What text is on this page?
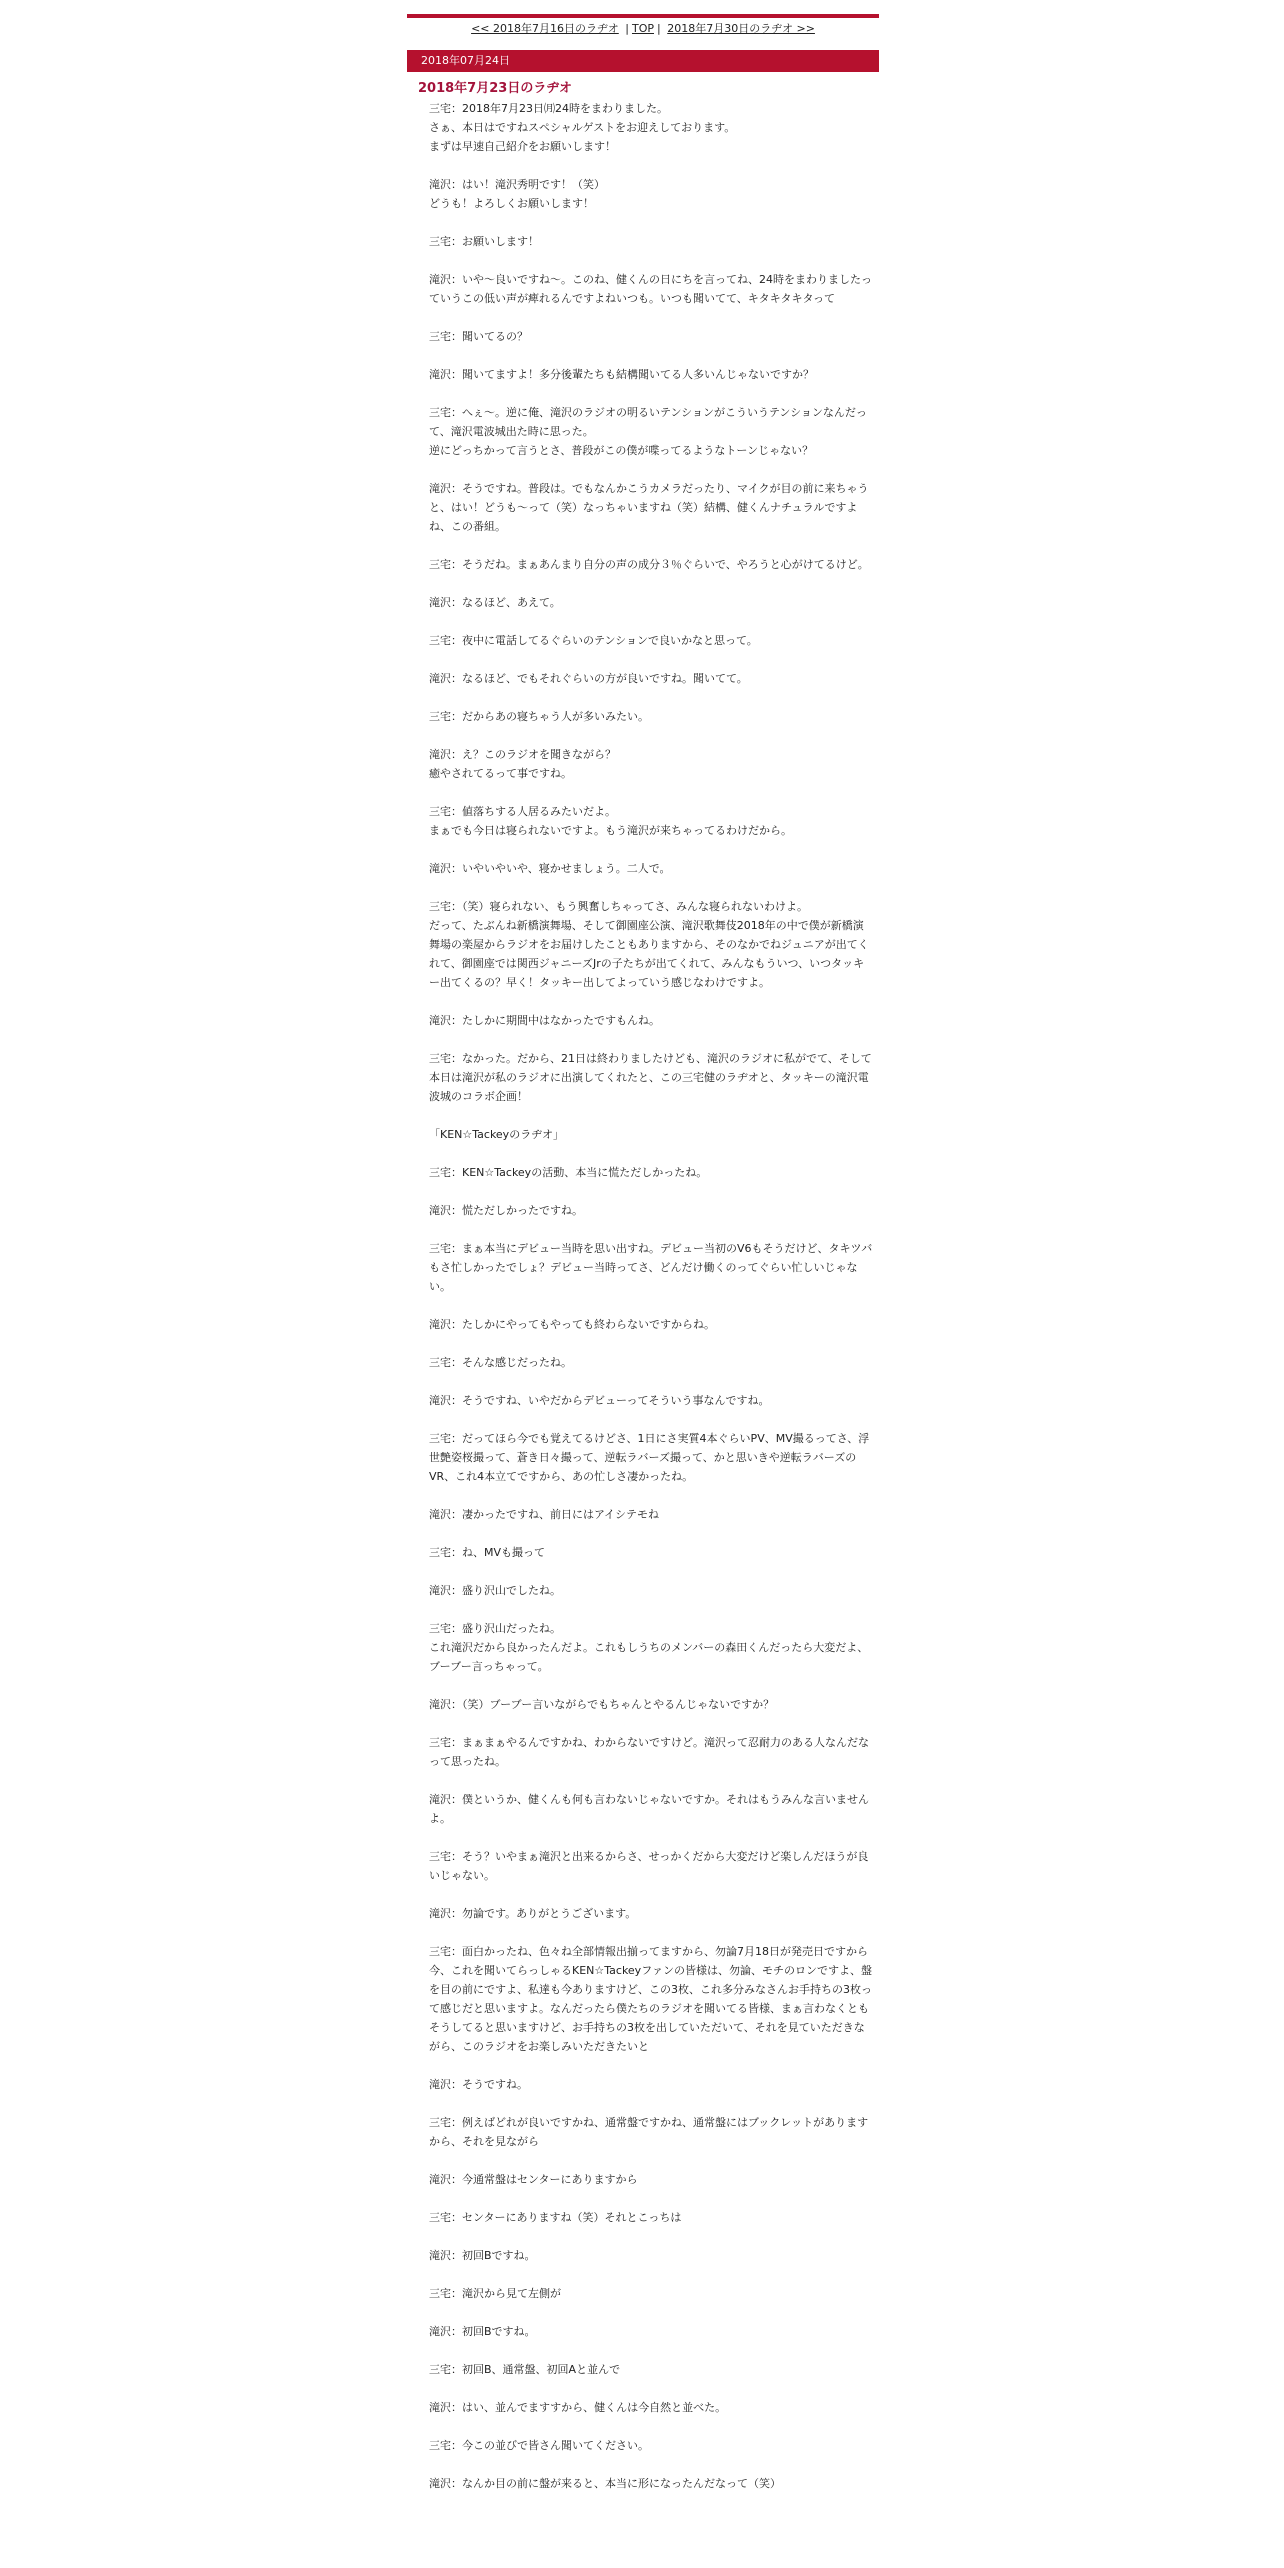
<< 2018年7月16日のラヂオ | TOP | 2018年7月30日のラヂオ >>
2018年07月24日
2018年7月23日のラヂオ
三宅：2018年7月23日㈪24時をまわりました。
さぁ、本日はですねスペシャルゲストをお迎えしております。
まずは早速自己紹介をお願いします！
滝沢：はい！滝沢秀明です！（笑）
どうも！よろしくお願いします！
三宅：お願いします！
滝沢：いや～良いですね～。このね、健くんの日にちを言ってね、24時をまわりましたっていうこの低い声が痺れるんですよねいつも。いつも聞いてて、キタキタキタって
三宅：聞いてるの？
滝沢：聞いてますよ！多分後輩たちも結構聞いてる人多いんじゃないですか？
三宅：へぇ～。逆に俺、滝沢のラジオの明るいテンションがこういうテンションなんだって、滝沢電波城出た時に思った。
逆にどっちかって言うとさ、普段がこの僕が喋ってるようなトーンじゃない？
滝沢：そうですね。普段は。でもなんかこうカメラだったり、マイクが目の前に来ちゃうと、はい！どうも～って（笑）なっちゃいますね（笑）結構、健くんナチュラルですよね、この番組。
三宅：そうだね。まぁあんまり自分の声の成分３％ぐらいで、やろうと心がけてるけど。
滝沢：なるほど、あえて。
三宅：夜中に電話してるぐらいのテンションで良いかなと思って。
滝沢：なるほど、でもそれぐらいの方が良いですね。聞いてて。
三宅：だからあの寝ちゃう人が多いみたい。
滝沢：え？このラジオを聞きながら？
癒やされてるって事ですね。
三宅：値落ちする人居るみたいだよ。
まぁでも今日は寝られないですよ。もう滝沢が来ちゃってるわけだから。
滝沢：いやいやいや、寝かせましょう。二人で。
三宅：（笑）寝られない、もう興奮しちゃってさ、みんな寝られないわけよ。
だって、たぶんね新橋演舞場、そして御園座公演、滝沢歌舞伎2018年の中で僕が新橋演舞場の楽屋からラジオをお届けしたこともありますから、そのなかでねジュニアが出てくれて、御園座では関西ジャニーズJrの子たちが出てくれて、みんなもういつ、いつタッキー出てくるの？早く！タッキー出してよっていう感じなわけですよ。
滝沢：たしかに期間中はなかったですもんね。
三宅：なかった。だから、21日は終わりましたけども、滝沢のラジオに私がでて、そして本日は滝沢が私のラジオに出演してくれたと、この三宅健のラヂオと、タッキーの滝沢電波城のコラボ企画！
「KEN☆Tackeyのラヂオ」
三宅：KEN☆Tackeyの活動、本当に慌ただしかったね。
滝沢：慌ただしかったですね。
三宅：まぁ本当にデビュー当時を思い出すね。デビュー当初のV6もそうだけど、タキツバもさ忙しかったでしょ？デビュー当時ってさ、どんだけ働くのってぐらい忙しいじゃない。
滝沢：たしかにやってもやっても終わらないですからね。
三宅：そんな感じだったね。
滝沢：そうですね、いやだからデビューってそういう事なんですね。
三宅：だってほら今でも覚えてるけどさ、1日にさ実質4本ぐらいPV、MV撮るってさ、浮世艶姿桜撮って、蒼き日々撮って、逆転ラバーズ撮って、かと思いきや逆転ラバーズのVR、これ4本立てですから、あの忙しさ凄かったね。
滝沢：凄かったですね、前日にはアイシテモね
三宅：ね、MVも撮って
滝沢：盛り沢山でしたね。
三宅：盛り沢山だったね。
これ滝沢だから良かったんだよ。これもしうちのメンバーの森田くんだったら大変だよ、ブーブー言っちゃって。
滝沢：（笑）ブーブー言いながらでもちゃんとやるんじゃないですか？
三宅：まぁまぁやるんですかね、わからないですけど。滝沢って忍耐力のある人なんだなって思ったね。
滝沢：僕というか、健くんも何も言わないじゃないですか。それはもうみんな言いませんよ。
三宅：そう？いやまぁ滝沢と出来るからさ、せっかくだから大変だけど楽しんだほうが良いじゃない。
滝沢：勿論です。ありがとうございます。
三宅：面白かったね、色々ね全部情報出揃ってますから、勿論7月18日が発売日ですから今、これを聞いてらっしゃるKEN☆Tackeyファンの皆様は、勿論、モチのロンですよ、盤を目の前にですよ、私達も今ありますけど、この3枚、これ多分みなさんお手持ちの3枚って感じだと思いますよ。なんだったら僕たちのラジオを聞いてる皆様、まぁ言わなくともそうしてると思いますけど、お手持ちの3枚を出していただいて、それを見ていただきながら、このラジオをお楽しみいただきたいと
滝沢：そうですね。
三宅：例えばどれが良いですかね、通常盤ですかね、通常盤にはブックレットがありますから、それを見ながら
滝沢：今通常盤はセンターにありますから
三宅：センターにありますね（笑）それとこっちは
滝沢：初回Bですね。
三宅：滝沢から見て左側が
滝沢：初回Bですね。
三宅：初回B、通常盤、初回Aと並んで
滝沢：はい、並んでますすから、健くんは今自然と並べた。
三宅：今この並びで皆さん聞いてください。
滝沢：なんか目の前に盤が来ると、本当に形になったんだなって（笑）
